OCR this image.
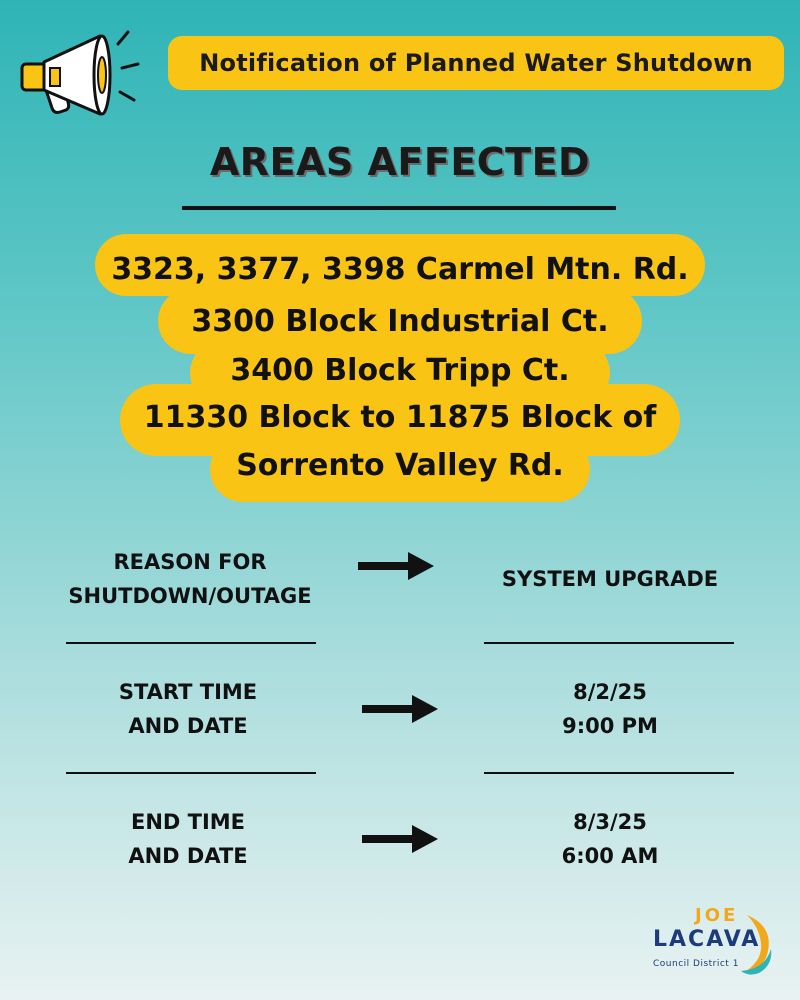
Notification of Planned Water Shutdown
AREAS AFFECTED
3323, 3377, 3398 Carmel Mtn. Rd.
3300 Block Industrial Ct.
3400 Block Tripp Ct.
11330 Block to 11875 Block of
Sorrento Valley Rd.
REASON FOR
SHUTDOWN/OUTAGE
SYSTEM UPGRADE
START TIME
AND DATE
8/2/25
9:00 PM
END TIME
AND DATE
8/3/25
6:00 AM
JOE
LACAVA
Council District 1
